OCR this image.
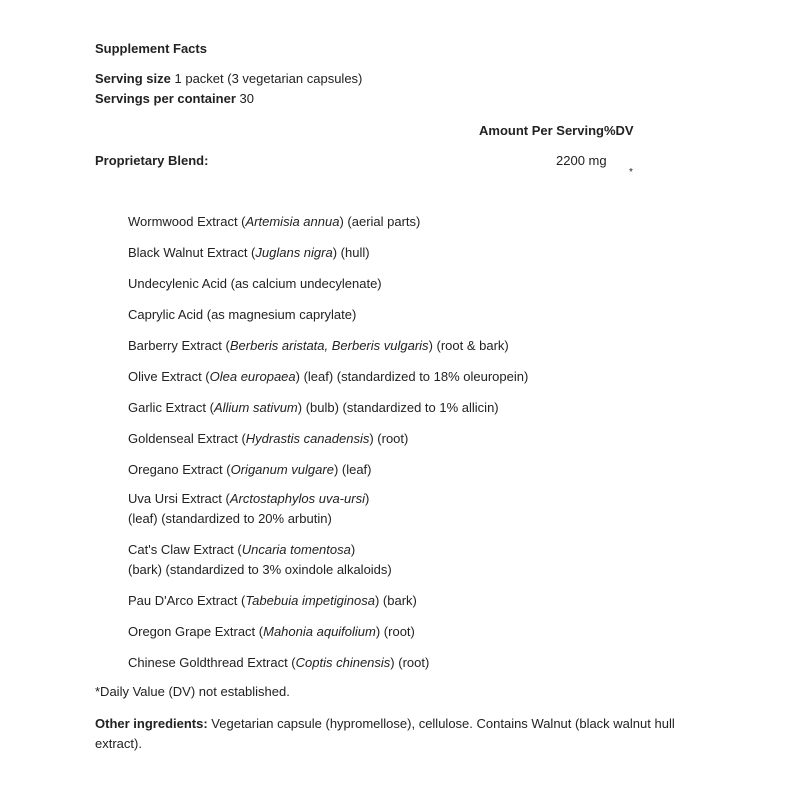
Supplement Facts
Serving size 1 packet (3 vegetarian capsules)
Servings per container 30
Amount Per Serving%DV
Proprietary Blend:	2200 mg
*
Wormwood Extract (Artemisia annua) (aerial parts)
Black Walnut Extract (Juglans nigra) (hull)
Undecylenic Acid (as calcium undecylenate)
Caprylic Acid (as magnesium caprylate)
Barberry Extract (Berberis aristata, Berberis vulgaris) (root & bark)
Olive Extract (Olea europaea) (leaf) (standardized to 18% oleuropein)
Garlic Extract (Allium sativum) (bulb) (standardized to 1% allicin)
Goldenseal Extract (Hydrastis canadensis) (root)
Oregano Extract (Origanum vulgare) (leaf)
Uva Ursi Extract (Arctostaphylos uva-ursi)
(leaf) (standardized to 20% arbutin)
Cat's Claw Extract (Uncaria tomentosa)
(bark) (standardized to 3% oxindole alkaloids)
Pau D'Arco Extract (Tabebuia impetiginosa) (bark)
Oregon Grape Extract (Mahonia aquifolium) (root)
Chinese Goldthread Extract (Coptis chinensis) (root)
*Daily Value (DV) not established.
Other ingredients: Vegetarian capsule (hypromellose), cellulose. Contains Walnut (black walnut hull
extract).
